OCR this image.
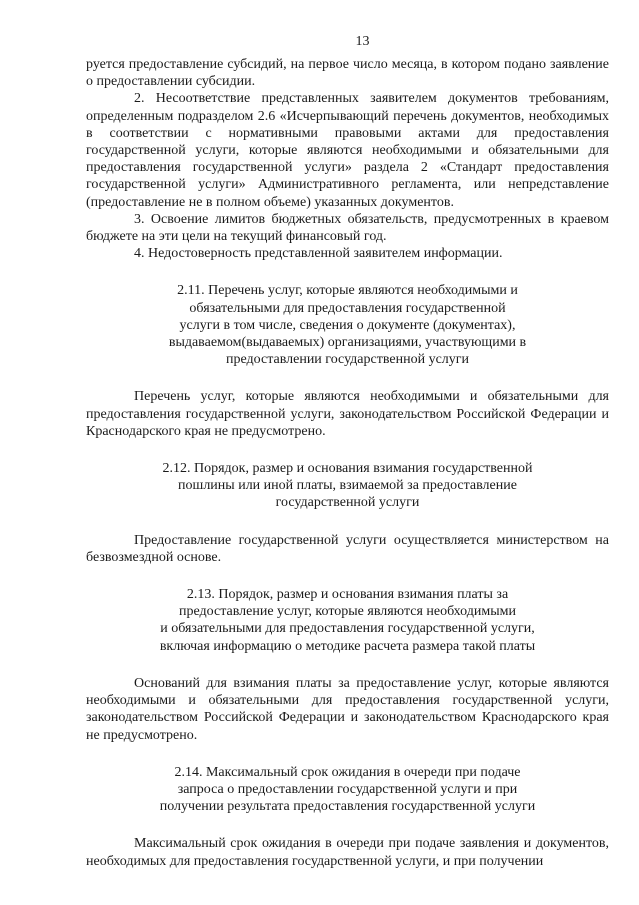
13

руется предоставление субсидий, на первое число месяца, в котором подано заявление о предоставлении субсидии.

2. Несоответствие представленных заявителем документов требованиям, определенным подразделом 2.6 «Исчерпывающий перечень документов, необходимых в соответствии с нормативными правовыми актами для предоставления государственной услуги, которые являются необходимыми и обязательными для предоставления государственной услуги» раздела 2 «Стандарт предоставления государственной услуги» Административного регламента, или непредставление (предоставление не в полном объеме) указанных документов.

3. Освоение лимитов бюджетных обязательств, предусмотренных в краевом бюджете на эти цели на текущий финансовый год.

4. Недостоверность представленной заявителем информации.

2.11. Перечень услуг, которые являются необходимыми и
обязательными для предоставления государственной
услуги в том числе, сведения о документе (документах),
выдаваемом(выдаваемых) организациями, участвующими в
предоставлении государственной услуги

Перечень услуг, которые являются необходимыми и обязательными для предоставления государственной услуги, законодательством Российской Федерации и Краснодарского края не предусмотрено.

2.12. Порядок, размер и основания взимания государственной
пошлины или иной платы, взимаемой за предоставление
государственной услуги

Предоставление государственной услуги осуществляется министерством на безвозмездной основе.

2.13. Порядок, размер и основания взимания платы за
предоставление услуг, которые являются необходимыми
и обязательными для предоставления государственной услуги,
включая информацию о методике расчета размера такой платы

Оснований для взимания платы за предоставление услуг, которые являются необходимыми и обязательными для предоставления государственной услуги, законодательством Российской Федерации и законодательством Краснодарского края не предусмотрено.

2.14. Максимальный срок ожидания в очереди при подаче
запроса о предоставлении государственной услуги и при
получении результата предоставления государственной услуги

Максимальный срок ожидания в очереди при подаче заявления и документов, необходимых для предоставления государственной услуги, и при получении
